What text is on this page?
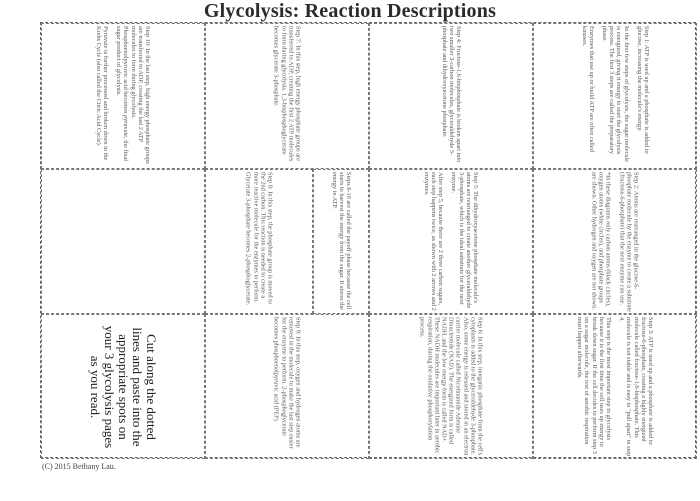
Glycolysis: Reaction Descriptions

Step 1: ATP is used up and a phosphate is added to glucose, increasing the molecule's energy.

In the first few steps of glycolysis, the sugar molecule is energized, giving it energy to start the glycolysis process. The first 3 steps are called the preparatory phase.

Enzymes that use up or build ATP are often called kinases.

Step 4: Fructose-1,6-bisphosphate is broken apart into two smaller 3-carbon molecules, glyceraldehyde 3-phosphate and dihydroxyacetone phosphate.

Step 7: In this step, high energy phosphate groups are transferred to ADP, creating the first 2 ATP molecules to form during glycolysis. 1,3-bisphosphoglycerate becomes glycerate 3-phosphate.

Step 10: In the last step, high energy phosphate groups are transferred to ADP, creating the last 2 ATP molecules to form during glycolysis. Phosphoenolpyruvic acid becomes pyruvate, the final sugar product of glycolysis.

Pyruvate is further processed and broken down in the Krebs Cycle (also called the Citric Acid Cycle).

Step 2: Atoms are rearranged in the glucose-6-phosphate molecule by the enzyme to create a substrate (fructose-6-phosphate) that the next enzyme can use.

*In these diagrams only carbon atoms (black circles), oxygen atoms (white circles), and phosphate groups are shown. Other hydrogen and oxygen are not shown.

Step 5: The dihydroxyacetone phosphate molecule's atoms are rearranged to create another glyceraldehyde 3-phosphate, which is the ideal substrate for the next enzyme.

After step 5, because there are 2 three carbon sugars, each step happens twice, as shown with 2 arrows and 2 enzymes.

Steps 6-10 are called the payoff phase because the cell starts to harvest the energy from the sugar. It stores the energy in ATP.

Step 8: In this step, the phosphate group is moved to the 2nd carbon. This reaction is needed to create a more reactive molecule for the enzymes to perform. Glycerate 3-phosphate becomes 2-phosphoglycerate.

Step 3: ATP is used up and a phosphate is added to fructose-6-phosphate, creating a highly energized molecule called fructose-1,6-bisphosphate. This molecule is not stable and is easy to "pull apart" in step 4.

This step is the most important step in glycolysis because it is the first time the cell uses up energy to break down sugar. If the cell decides to perform step 3 on a sugar molecule, the rest of aerobic respiration must happen afterwards.

Step 6: In this step, inorganic phosphate from the cell's cytoplasm is added to the glyceraldehyde 3-phosphate. Also, some energy is released and stored in an electron carrier molecule called Nicotinamide Adenine Dinucleotide (NAD). The energized form is called NADH, and the low energy form is called NAD+. These NADH molecules are important later in aerobic respiration, during the oxidative phosphorylation process.

Step 9: In this step, oxygen and hydrogen atoms are removed in the molecule to make the last step easier for the enzyme to perform. 2-phosphoglycerate becomes phosphoenolpyruvic acid (PEP).

Cut along the dotted lines and paste into the appropriate spots on your 3 glycolysis pages as you read.
(C) 2015 Bethany Lau.
